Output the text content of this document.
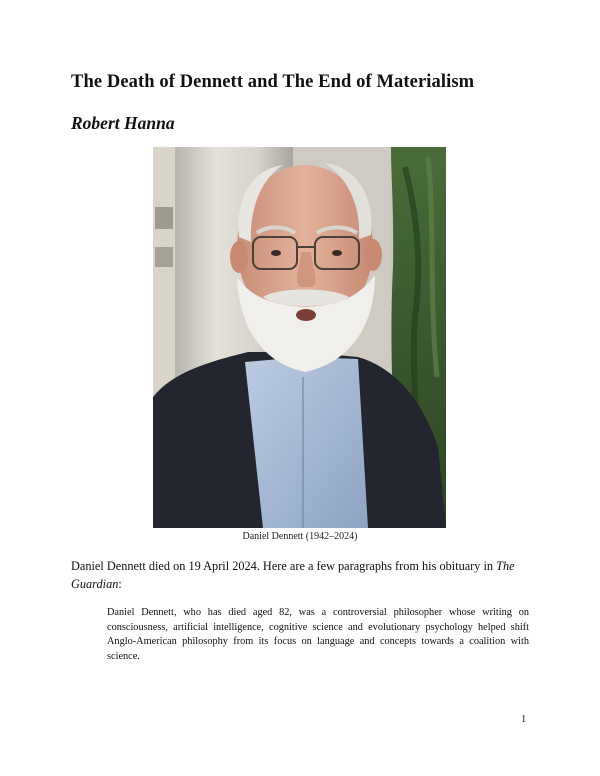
The Death of Dennett and The End of Materialism
Robert Hanna
Daniel Dennett (1942–2024)

Daniel Dennett died on 19 April 2024. Here are a few paragraphs from his obituary in The Guardian:

Daniel Dennett, who has died aged 82, was a controversial philosopher whose writing on consciousness, artificial intelligence, cognitive science and evolutionary psychology helped shift Anglo-American philosophy from its focus on language and concepts towards a coalition with science.

1
